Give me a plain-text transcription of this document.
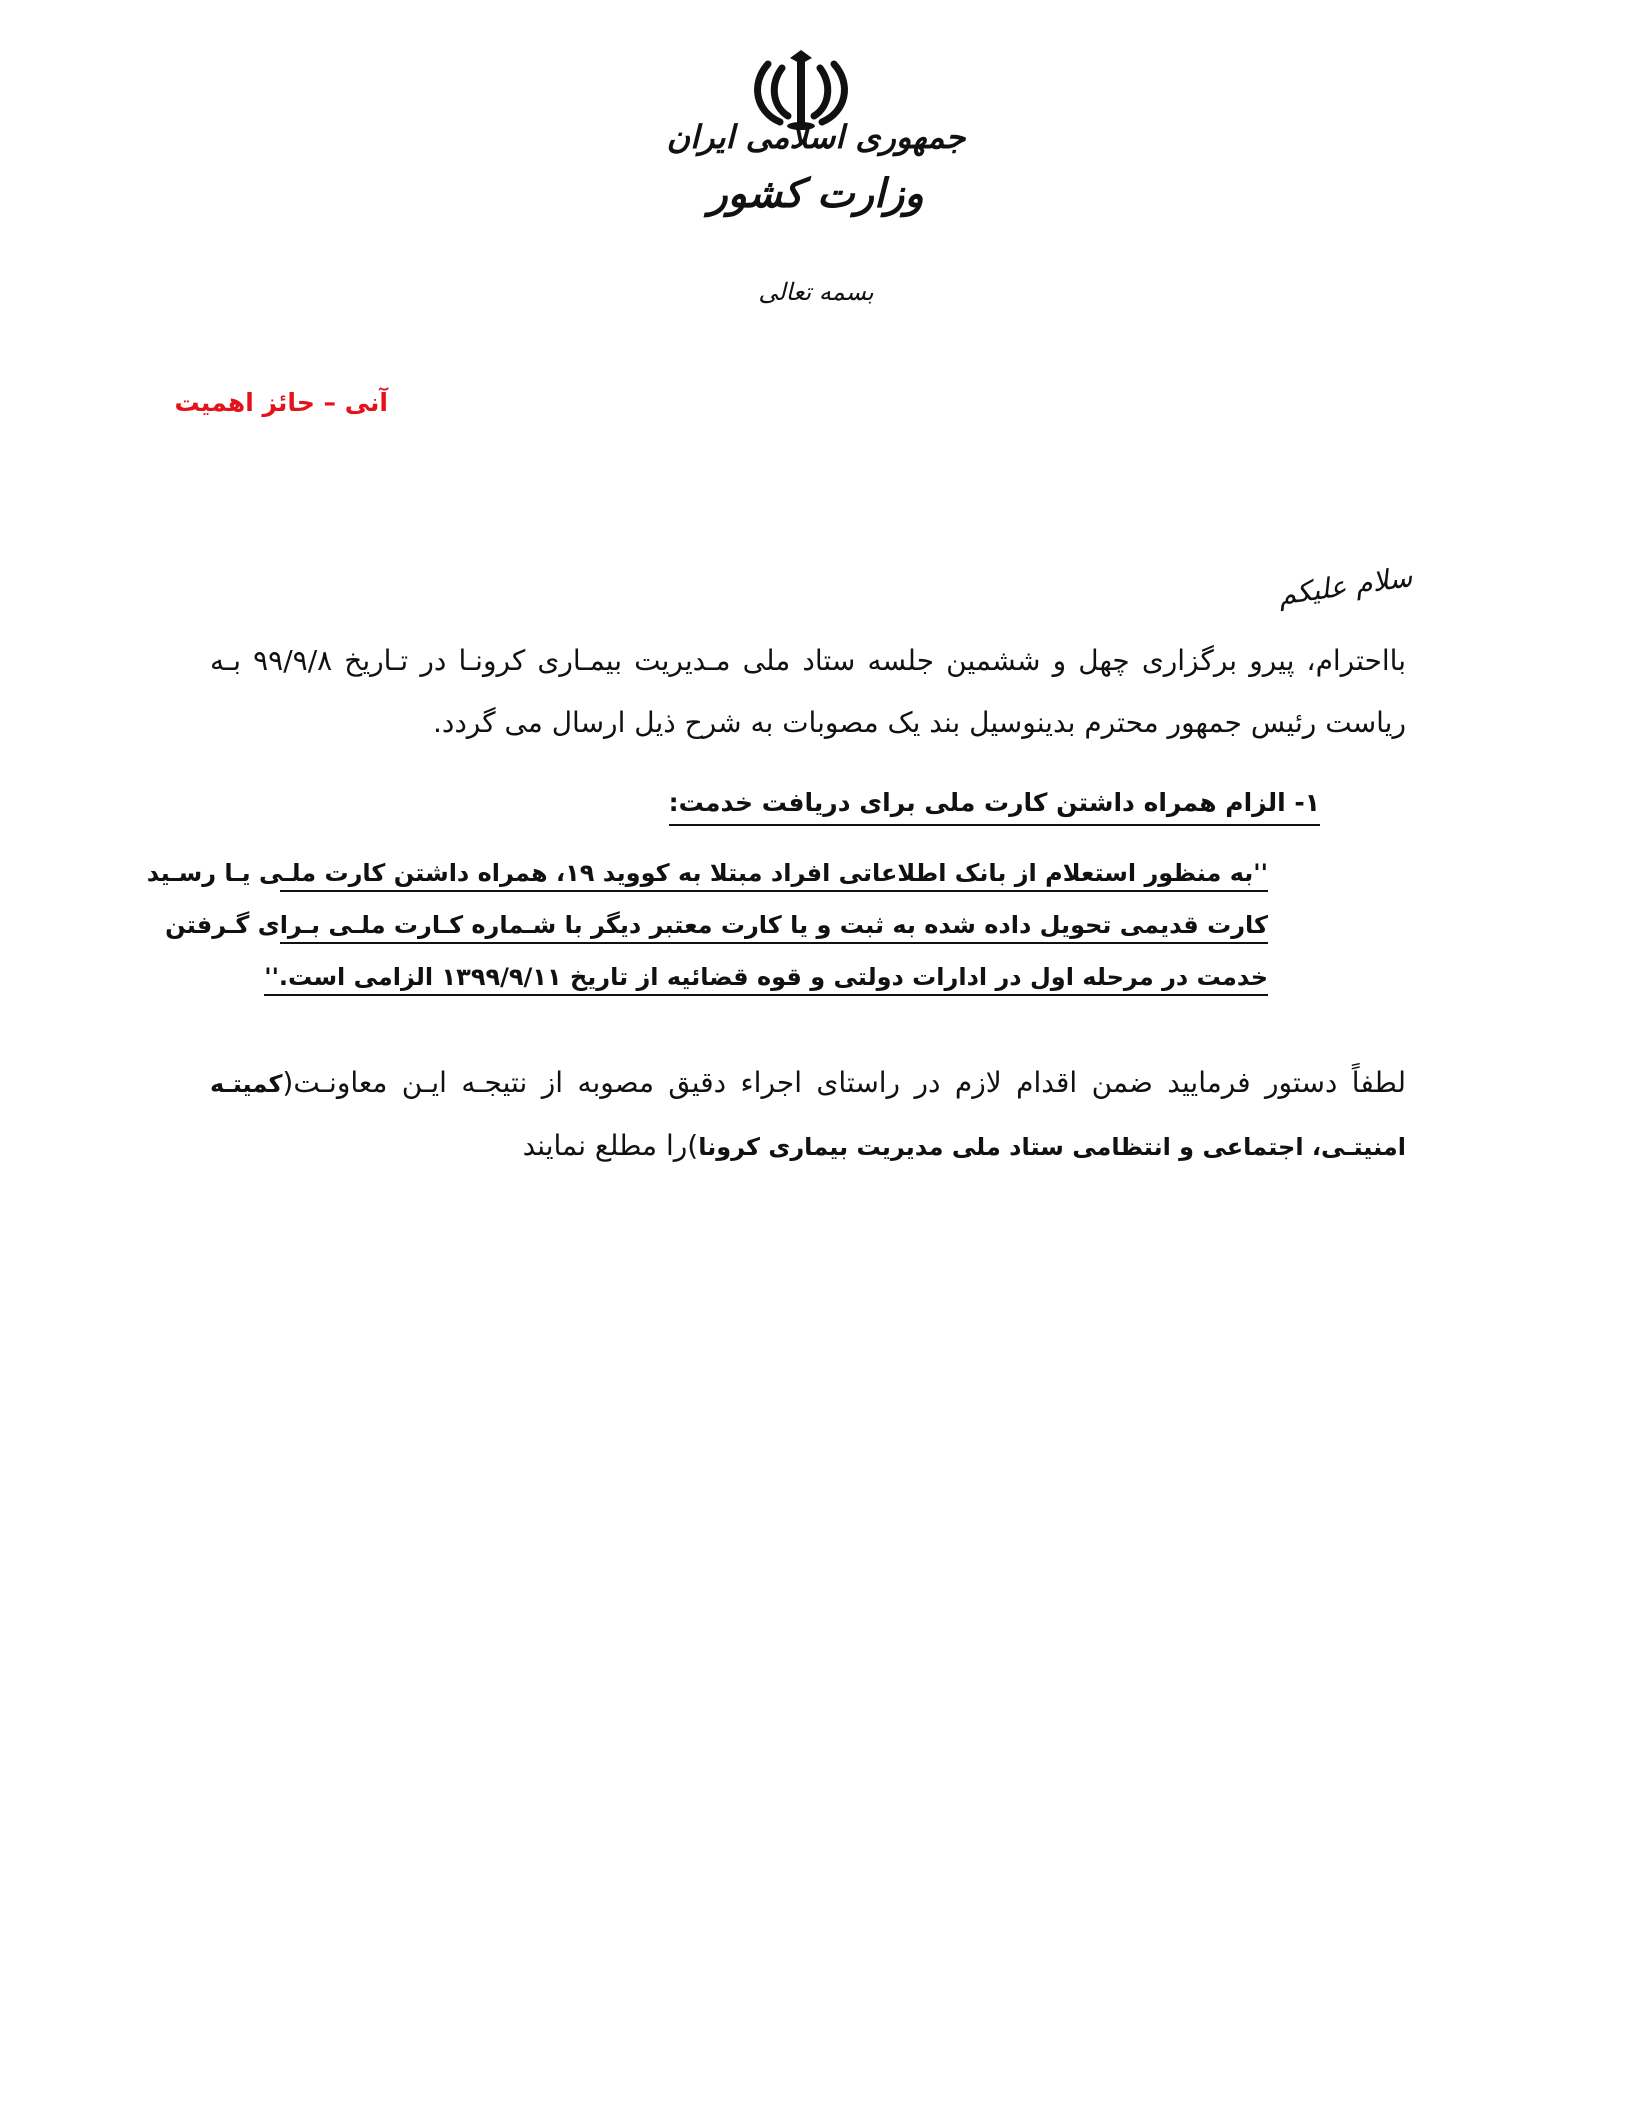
جمهوری اسلامی ایران
وزارت کشور
بسمه تعالی
آنی – حائز اهمیت
سلام علیکم
بااحترام، پیرو برگزاری چهل و ششمین جلسه ستاد ملی مـدیریت بیمـاری کرونـا در تـاریخ ۹۹/۹/۸ بـه ریاست رئیس جمهور محترم بدینوسیل بند یک مصوبات به شرح ذیل ارسال می گردد.
۱- الزام همراه داشتن کارت ملی برای دریافت خدمت:
''به منظور استعلام از بانک اطلاعاتی افراد مبتلا به کووید ۱۹، همراه داشتن کارت ملـی یـا رسـید
کارت قدیمی تحویل داده شده به ثبت و یا کارت معتبر دیگر با شـماره کـارت ملـی بـرای گـرفتن
خدمت در مرحله اول در ادارات دولتی و قوه قضائیه از تاریخ ۱۳۹۹/۹/۱۱ الزامی است.''
لطفاً دستور فرمایید ضمن اقدام لازم در راستای اجراء دقیق مصوبه از نتیجـه ایـن معاونـت(کمیتـه امنیتـی، اجتماعی و انتظامی ستاد ملی مدیریت بیماری کرونا)را مطلع نمایند
